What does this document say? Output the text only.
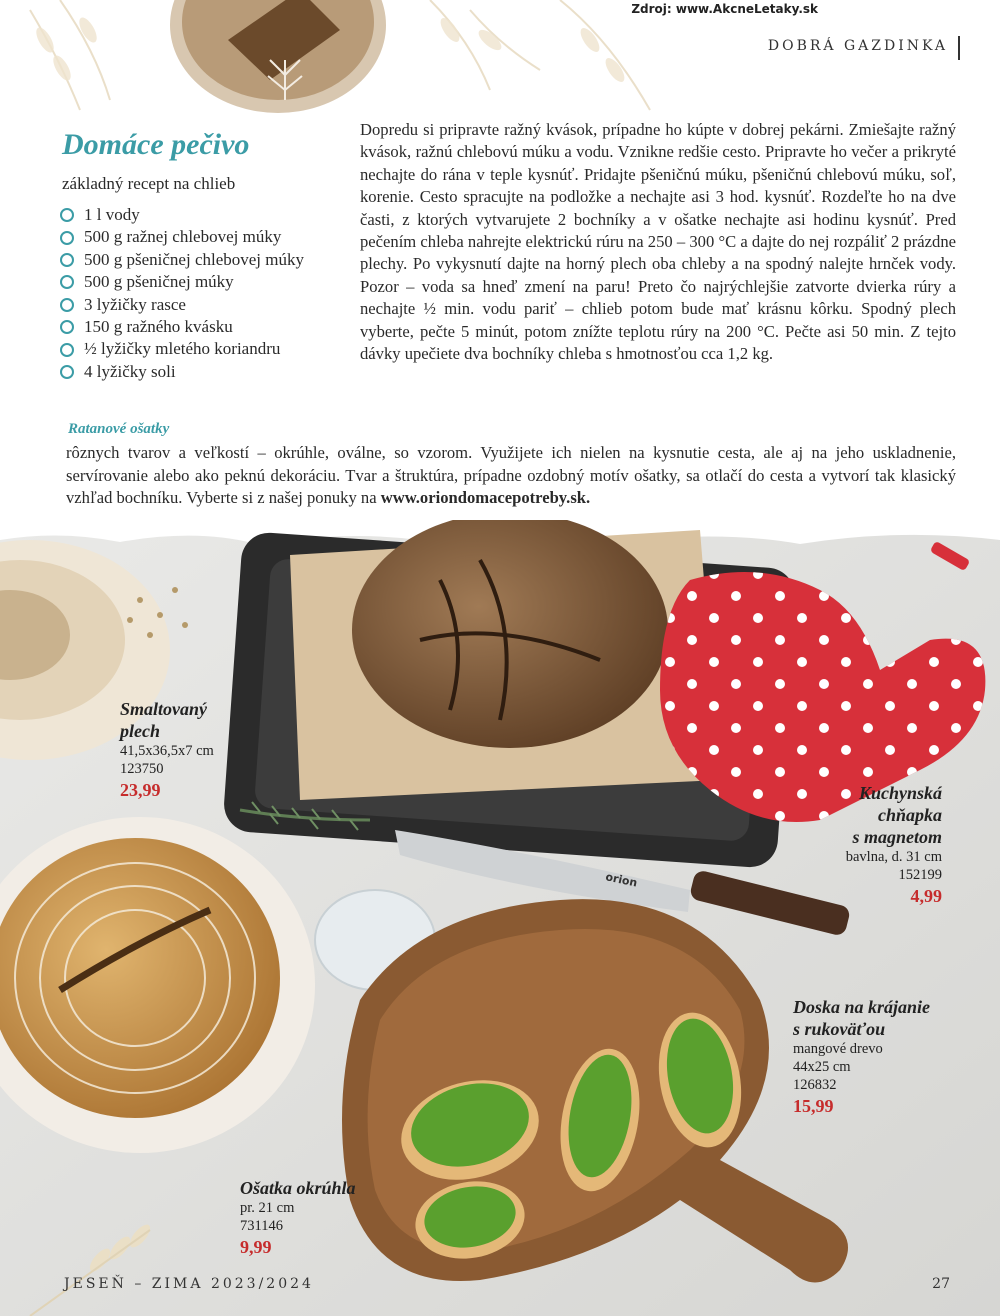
Zdroj: www.AkcneLetaky.sk
DOBRÁ GAZDINKA
Domáce pečivo
základný recept na chlieb
1 l vody
500 g ražnej chlebovej múky
500 g pšeničnej chlebovej múky
500 g pšeničnej múky
3 lyžičky rasce
150 g ražného kvásku
½ lyžičky mletého koriandru
4 lyžičky soli

Dopredu si pripravte ražný kvások, prípadne ho kúpte v dobrej pekárni. Zmiešajte ražný kvások, ražnú chlebovú múku a vodu. Vznikne redšie cesto. Pripravte ho večer a prikryté nechajte do rána v teple kysnúť. Pridajte pšeničnú múku, pšeničnú chlebovú múku, soľ, korenie. Cesto spracujte na podložke a nechajte asi 3 hod. kysnúť. Rozdeľte ho na dve časti, z ktorých vytvarujete 2 bochníky a v ošatke nechajte asi hodinu kysnúť. Pred pečením chleba nahrejte elektrickú rúru na 250 – 300 °C a dajte do nej rozpáliť 2 prázdne plechy. Po vykysnutí dajte na horný plech oba chleby a na spodný nalejte hrnček vody. Pozor – voda sa hneď zmení na paru! Preto čo najrýchlejšie zatvorte dvierka rúry a nechajte ½ min. vodu pariť – chlieb potom bude mať krásnu kôrku. Spodný plech vyberte, pečte 5 minút, potom znížte teplotu rúry na 200 °C. Pečte asi 50 min. Z tejto dávky upečiete dva bochníky chleba s hmotnosťou cca 1,2 kg.

Ratanové ošatky

rôznych tvarov a veľkostí – okrúhle, oválne, so vzorom. Využijete ich nielen na kysnutie cesta, ale aj na jeho uskladnenie, servírovanie alebo ako peknú dekoráciu. Tvar a štruktúra, prípadne ozdobný motív ošatky, sa otlačí do cesta a vytvorí tak klasický vzhľad bochníku. Vyberte si z našej ponuky na www.oriondomacepotreby.sk.

orion
Smaltovaný
plech
41,5x36,5x7 cm
123750
23,99	Kuchynská
chňapka
s magnetom
bavlna, d. 31 cm
152199
4,99
Doska na krájanie
s rukoväťou
mangové drevo
44x25 cm
126832
15,99
Ošatka okrúhla
pr. 21 cm
731146
9,99
JESEŇ – ZIMA 2023/2024	27
